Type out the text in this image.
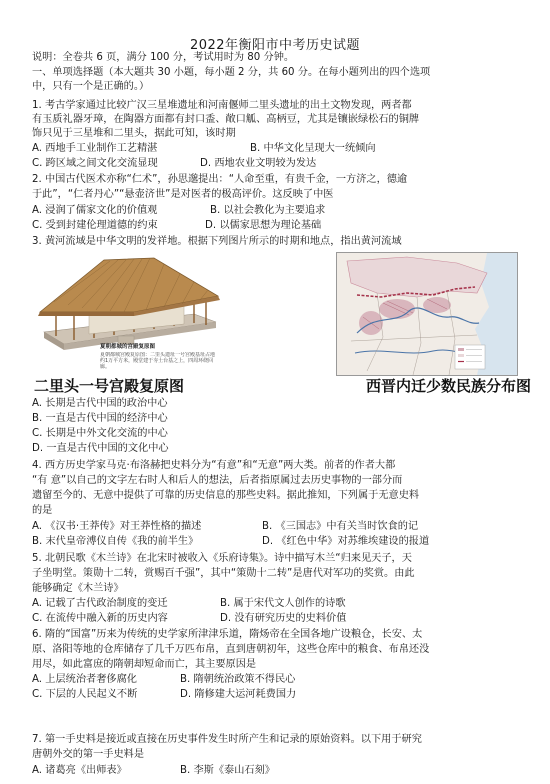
2022年衡阳市中考历史试题
说明：全卷共 6 页，满分 100 分，考试用时为 80 分钟。
一、单项选择题（本大题共 30 小题，每小题 2 分，共 60 分。在每小题列出的四个选项
中，只有一个是正确的。）
1. 考古学家通过比较广汉三星堆遗址和河南偃师二里头遗址的出土文物发现，两者都
有玉质礼器牙璋，在陶器方面都有封口盉、敞口觚、高柄豆，尤其是镶嵌绿松石的铜牌
饰只见于三星堆和二里头，据此可知，该时期
A. 西地手工业制作工艺精湛	B. 中华文化呈现大一统倾向
C. 跨区域之间文化交流显现	D. 西地农业文明较为发达
2. 中国古代医术亦称“仁术”，孙思邈提出：“人命至重，有贵千金，一方济之，德逾
于此”，“仁者丹心”“悬壶济世”是对医者的极高评价。这反映了中医
A. 浸润了儒家文化的价值观	B. 以社会教化为主要追求
C. 受到封建伦理道德的约束	D. 以儒家思想为理论基础
3. 黄河流域是中华文明的发祥地。根据下列图片所示的时期和地点，指出黄河流域
夏朝都城的宫殿复原图
夏朝都城宫殿复原图：二里头遗址一号宫殿基址占地约1万平方米，殿堂建于夯土台基之上，四周环绕回廊。
二里头一号宫殿复原图	西晋内迁少数民族分布图
A. 长期是古代中国的政治中心
B. 一直是古代中国的经济中心
C. 长期是中外文化交流的中心
D. 一直是古代中国的文化中心
4. 西方历史学家马克·布洛赫把史料分为“有意”和“无意”两大类。前者的作者大都
“有 意”以自己的文字左右时人和后人的想法，后者指原属过去历史事物的一部分而
遗留至今的、无意中提供了可靠的历史信息的那些史料。据此推知，下列属于无意史料
的是
A. 《汉书·王莽传》对王莽性格的描述	B. 《三国志》中有关当时饮食的记
B. 末代皇帝溥仪自传《我的前半生》	D. 《红色中华》对苏维埃建设的报道
5. 北朝民歌《木兰诗》在北宋时被收入《乐府诗集》。诗中描写木兰“归来见天子，天
子坐明堂。策勋十二转，赏赐百千强”，其中“策勋十二转”是唐代对军功的奖赏。由此
能够确定《木兰诗》
A. 记载了古代政治制度的变迁	B. 属于宋代文人创作的诗歌
C. 在流传中融入新的历史内容	D. 没有研究历史的史料价值
6. 隋的“国富”历来为传统的史学家所津津乐道，隋炀帝在全国各地广设粮仓，长安、太
原、洛阳等地的仓库储存了几千万匹布帛，直到唐朝初年，这些仓库中的粮食、布帛还没
用尽，如此富庶的隋朝却短命而亡，其主要原因是
A. 上层统治者奢侈腐化	B. 隋朝统治政策不得民心
C. 下层的人民起义不断	D. 隋修建大运河耗费国力
7. 第一手史料是接近或直接在历史事件发生时所产生和记录的原始资料。以下用于研究
唐朝外交的第一手史料是
A. 诸葛亮《出师表》	B. 李斯《泰山石刻》
